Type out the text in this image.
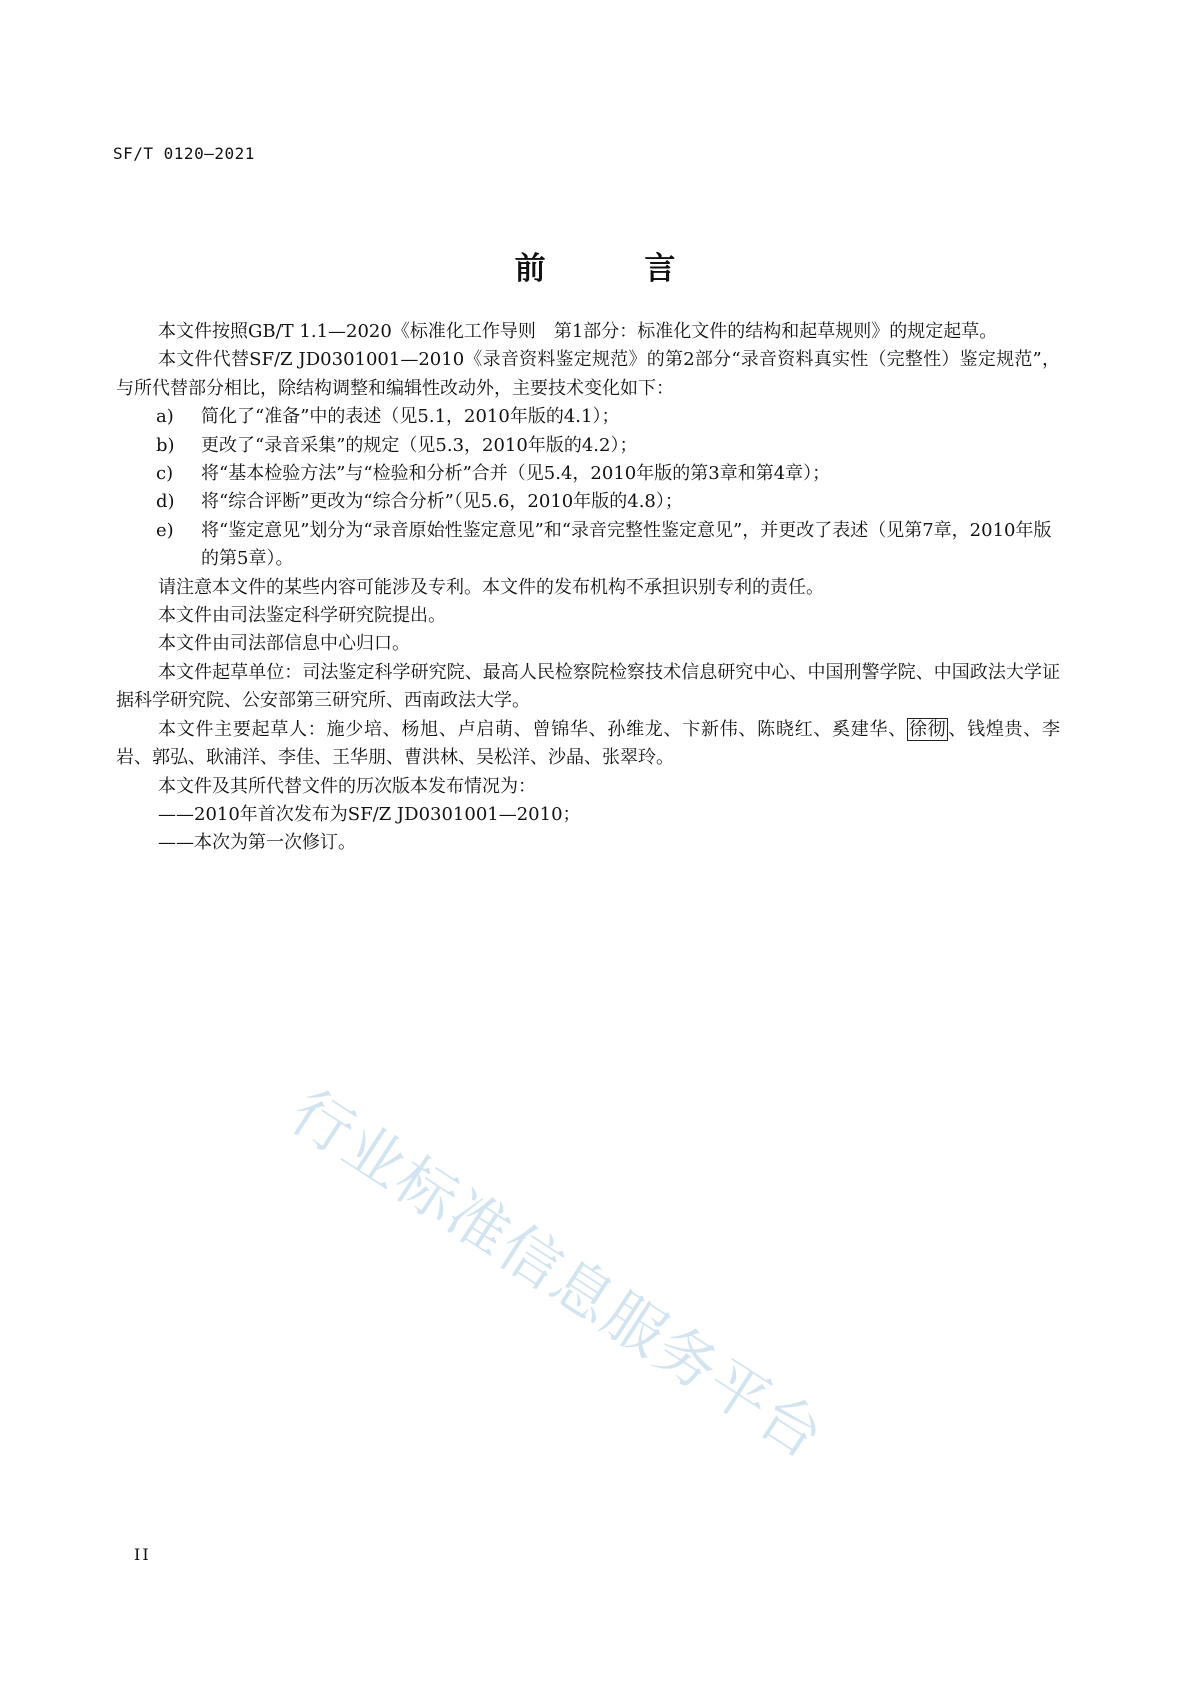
SF/T 0120—2021
前 言

本文件按照GB/T 1.1—2020《标准化工作导则　第1部分：标准化文件的结构和起草规则》的规定起草。

本文件代替SF/Z JD0301001—2010《录音资料鉴定规范》的第2部分“录音资料真实性（完整性）鉴定规范”，与所代替部分相比，除结构调整和编辑性改动外，主要技术变化如下：

a) 简化了“准备”中的表述（见5.1，2010年版的4.1）；
b) 更改了“录音采集”的规定（见5.3，2010年版的4.2）；
c) 将“基本检验方法”与“检验和分析”合并（见5.4，2010年版的第3章和第4章）；
d) 将“综合评断”更改为“综合分析”（见5.6，2010年版的4.8）；
e) 将“鉴定意见”划分为“录音原始性鉴定意见”和“录音完整性鉴定意见”，并更改了表述（见第7章，2010年版的第5章）。

请注意本文件的某些内容可能涉及专利。本文件的发布机构不承担识别专利的责任。

本文件由司法鉴定科学研究院提出。

本文件由司法部信息中心归口。

本文件起草单位：司法鉴定科学研究院、最高人民检察院检察技术信息研究中心、中国刑警学院、中国政法大学证据科学研究院、公安部第三研究所、西南政法大学。

本文件主要起草人：施少培、杨旭、卢启萌、曾锦华、孙维龙、卞新伟、陈晓红、奚建华、 徐彻 、钱煌贵、李岩、郭弘、耿浦洋、李佳、王华朋、曹洪林、吴松洋、沙晶、张翠玲。

本文件及其所代替文件的历次版本发布情况为：

——2010年首次发布为SF/Z JD0301001—2010；

——本次为第一次修订。

行业标准信息服务平台
II
